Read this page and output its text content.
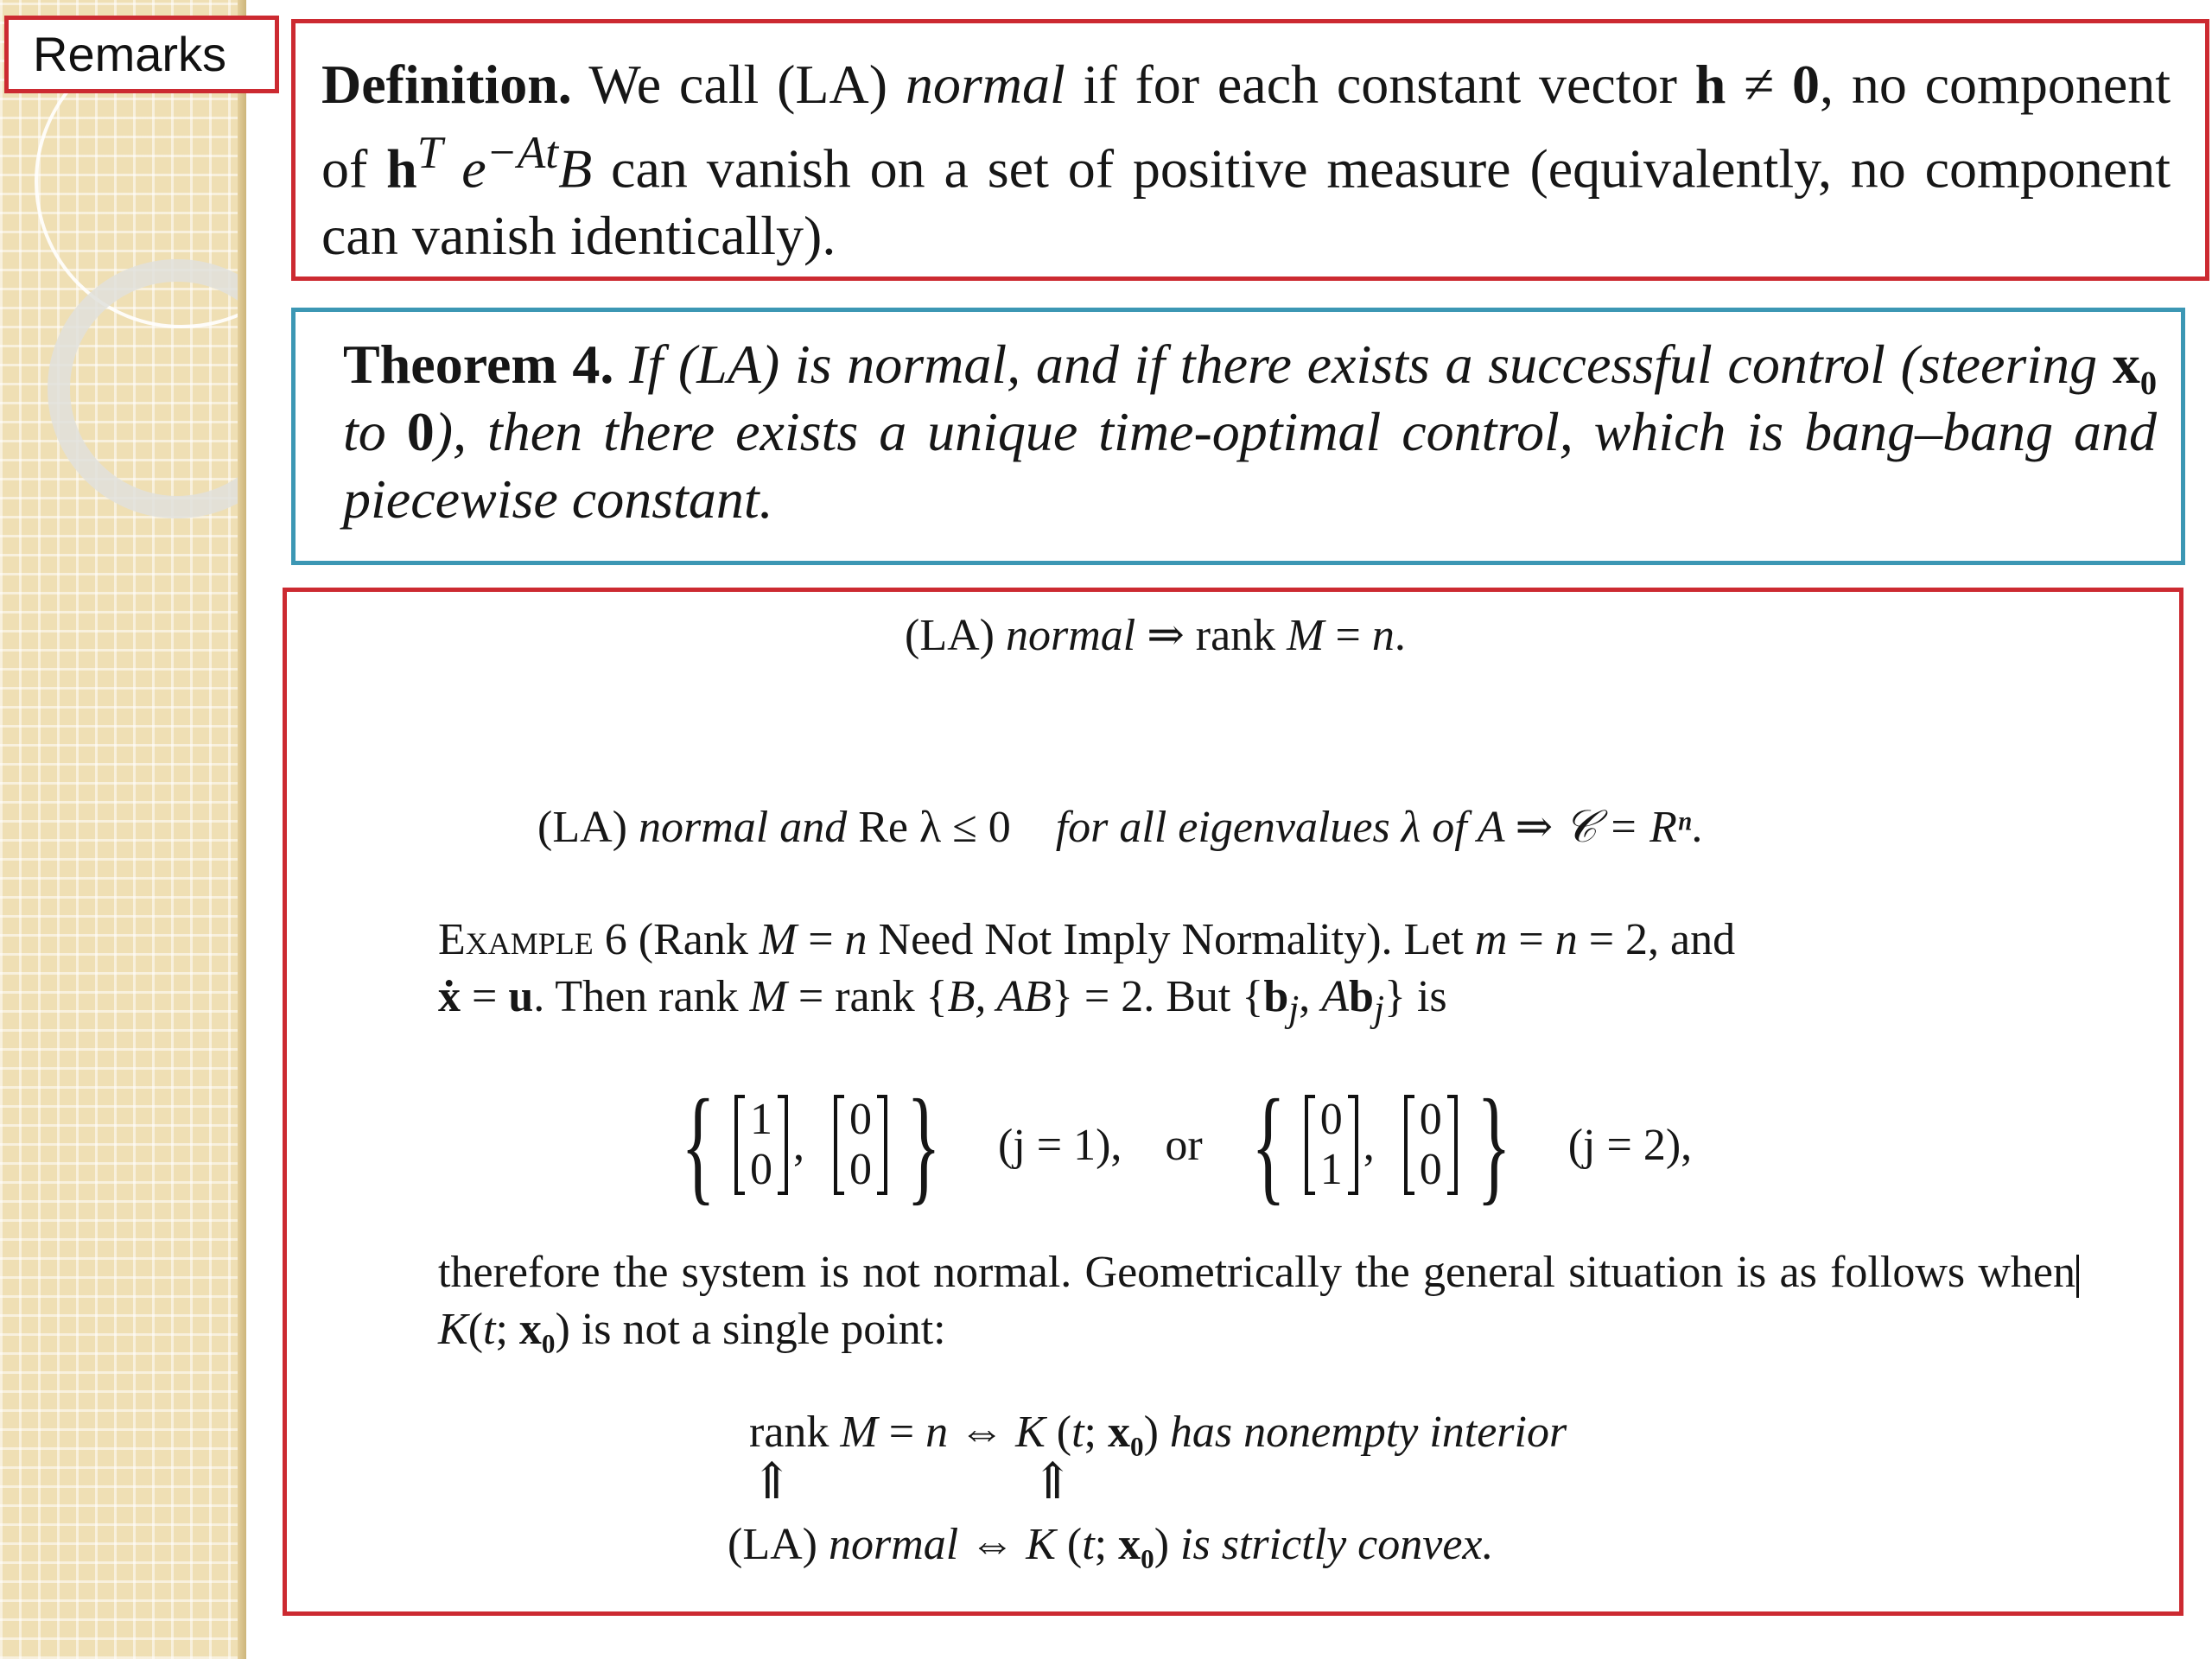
Remarks	Definition. We call (LA) normal if for each constant vector h ≠ 0, no component of $h^T$ $e^{-At}B$ can vanish on a set of positive measure (equivalently, no component can vanish identically).
Theorem 4. If (LA) is normal, and if there exists a successful control (steering x₀ to 0), then there exists a unique time-optimal control, which is bang–bang and piecewise constant.
(LA) normal ⇒ rank M = n.
(LA) normal and Re λ ≤ 0    for all eigenvalues λ of A ⇒ 𝒞 = Rⁿ.
Example 6 (Rank M = n Need Not Imply Normality). Let m = n = 2, and
ẋ = u. Then rank M = rank {B, AB} = 2. But {$b_j$, $Ab_j$} is
{ 1
0 ,
0
0 } (j = 1), or { 0
1 ,
0
0 } (j = 2),
therefore the system is not normal. Geometrically the general situation is as follows whenK(t; x₀) is not a single point:
rank M = n ⇔ K (t; x₀) has nonempty interior
⇑	⇑
(LA) normal ⇔ K (t; x₀) is strictly convex.
